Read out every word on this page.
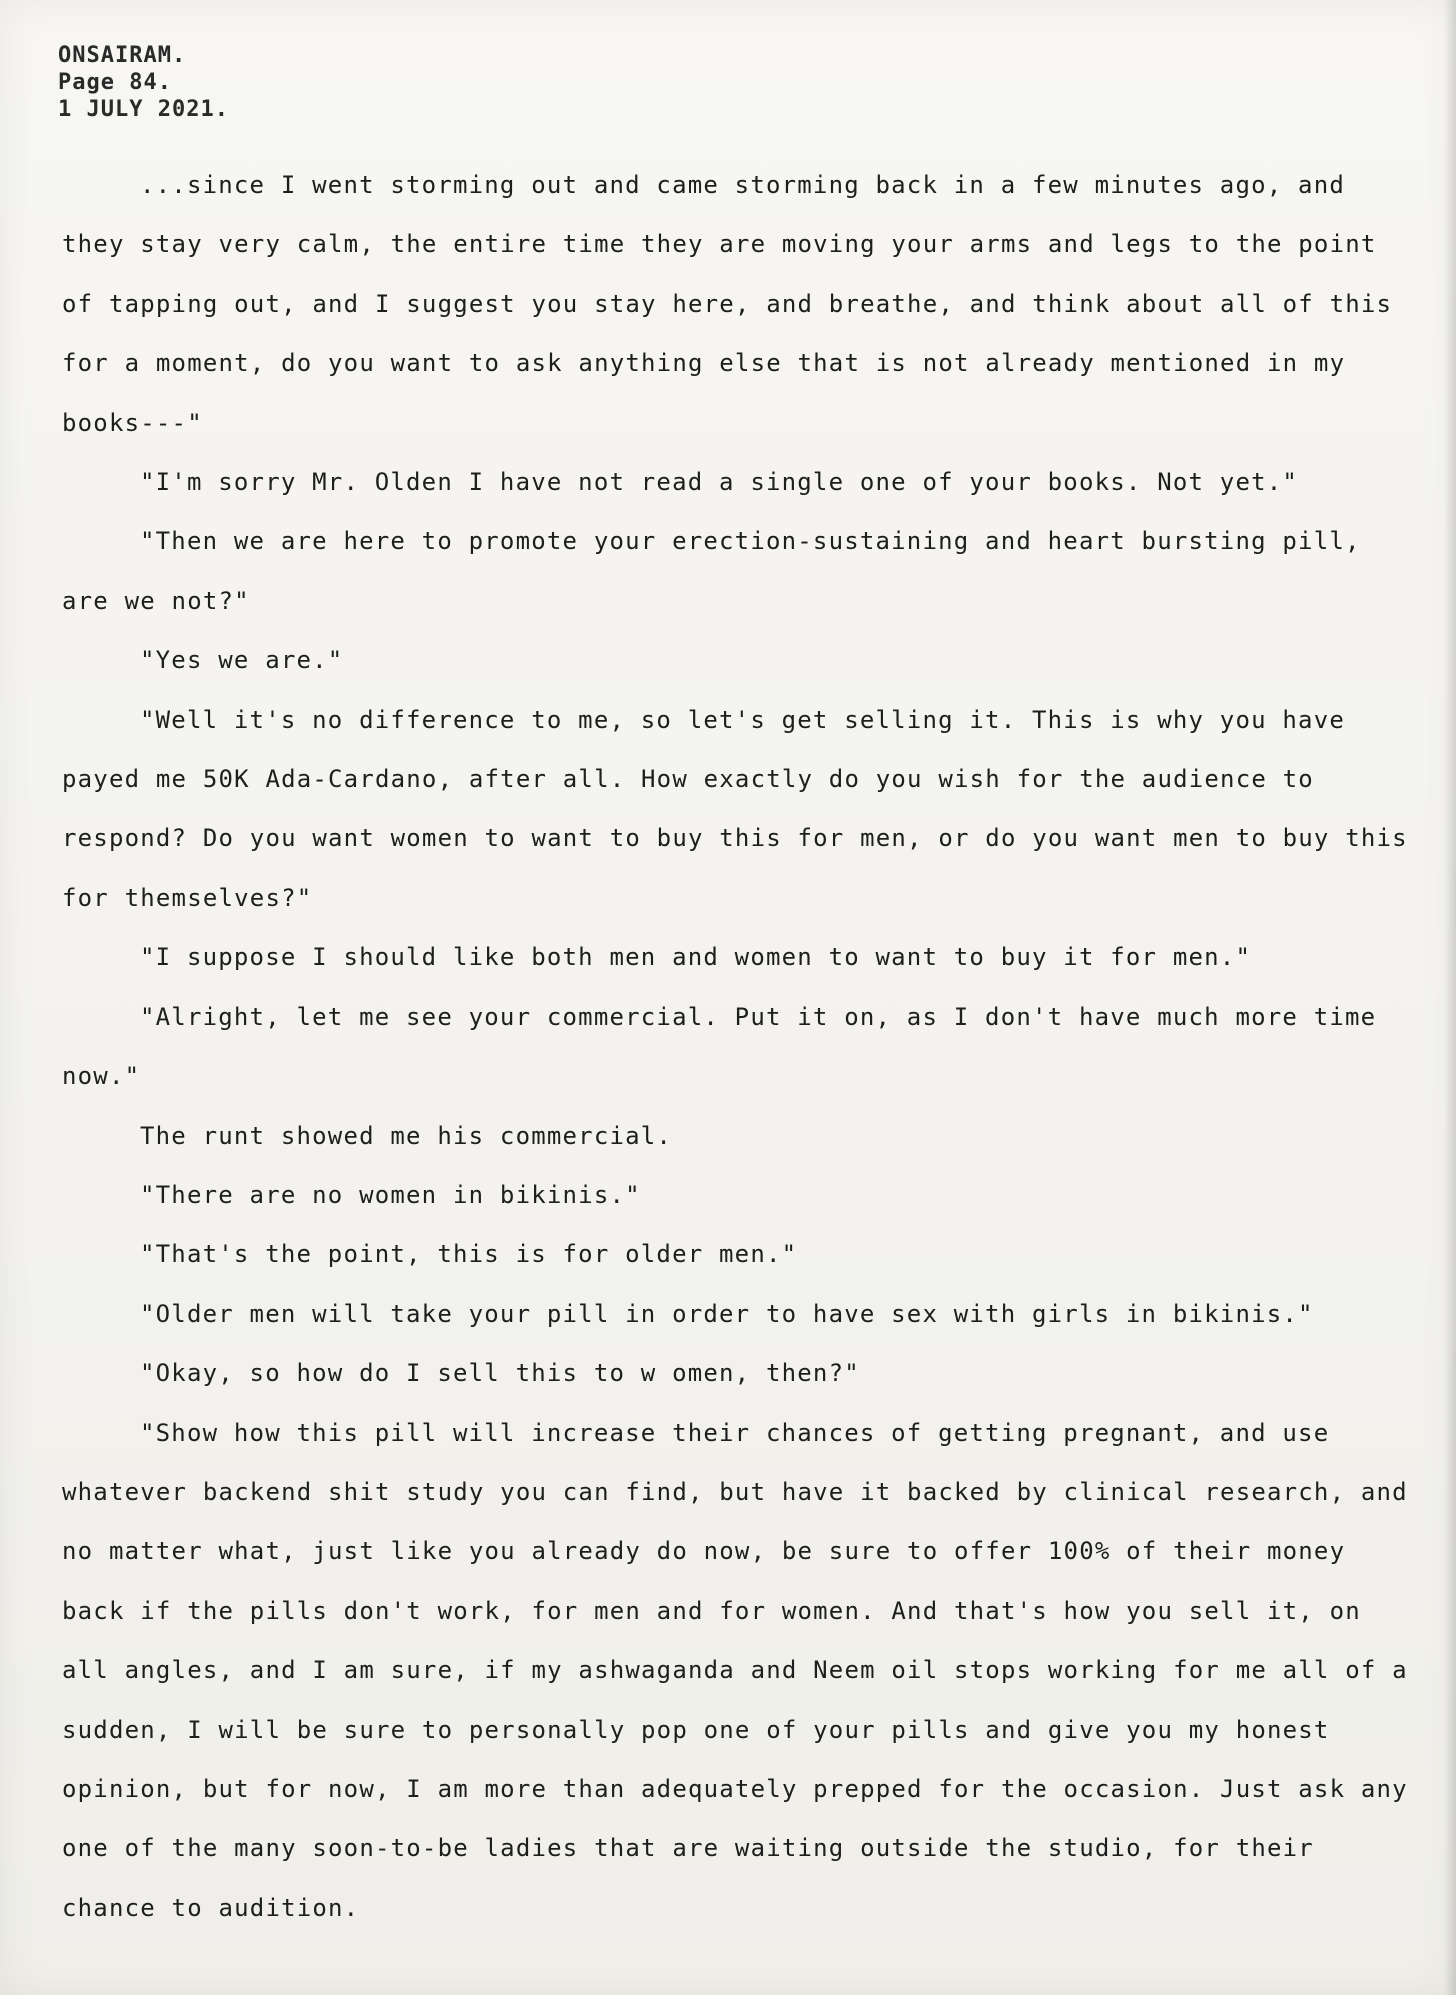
ONSAIRAM.
Page 84.
1 JULY 2021.

...since I went storming out and came storming back in a few minutes ago, and they stay very calm, the entire time they are moving your arms and legs to the point of tapping out, and I suggest you stay here, and breathe, and think about all of this for a moment, do you want to ask anything else that is not already mentioned in my books---"

"I'm sorry Mr. Olden I have not read a single one of your books. Not yet."

"Then we are here to promote your erection-sustaining and heart bursting pill, are we not?"

"Yes we are."

"Well it's no difference to me, so let's get selling it. This is why you have payed me 50K Ada-Cardano, after all. How exactly do you wish for the audience to respond? Do you want women to want to buy this for men, or do you want men to buy this for themselves?"

"I suppose I should like both men and women to want to buy it for men."

"Alright, let me see your commercial. Put it on, as I don't have much more time now."

The runt showed me his commercial.

"There are no women in bikinis."

"That's the point, this is for older men."

"Older men will take your pill in order to have sex with girls in bikinis."

"Okay, so how do I sell this to w omen, then?"

"Show how this pill will increase their chances of getting pregnant, and use whatever backend shit study you can find, but have it backed by clinical research, and no matter what, just like you already do now, be sure to offer 100% of their money back if the pills don't work, for men and for women. And that's how you sell it, on all angles, and I am sure, if my ashwaganda and Neem oil stops working for me all of a sudden, I will be sure to personally pop one of your pills and give you my honest opinion, but for now, I am more than adequately prepped for the occasion. Just ask any one of the many soon-to-be ladies that are waiting outside the studio, for their chance to audition.
